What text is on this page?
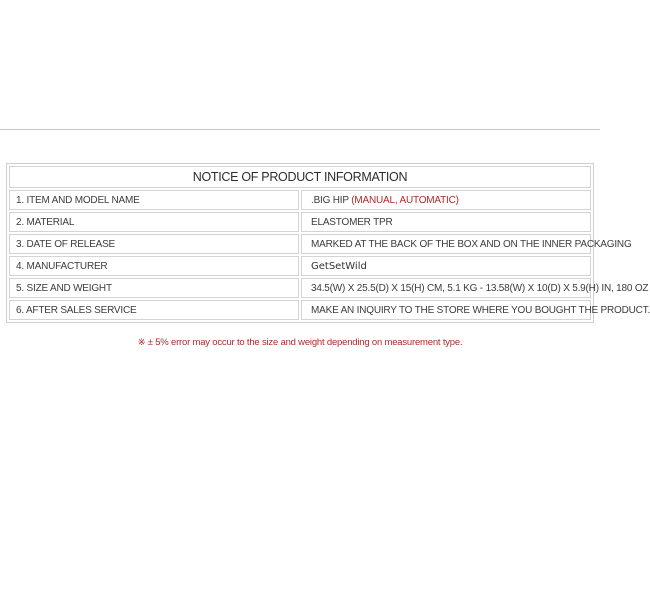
NOTICE OF PRODUCT INFORMATION	
1. ITEM AND MODEL NAME	.BIG HIP (MANUAL, AUTOMATIC)
2. MATERIAL	ELASTOMER TPR
3. DATE OF RELEASE	MARKED AT THE BACK OF THE BOX AND ON THE INNER PACKAGING
4. MANUFACTURER	GetSetWild
5. SIZE AND WEIGHT	34.5(W) X 25.5(D) X 15(H) CM, 5.1 KG - 13.58(W) X 10(D) X 5.9(H) IN, 180 OZ
6. AFTER SALES SERVICE	MAKE AN INQUIRY TO THE STORE WHERE YOU BOUGHT THE PRODUCT.
※ ± 5% error may occur to the size and weight depending on measurement type.
